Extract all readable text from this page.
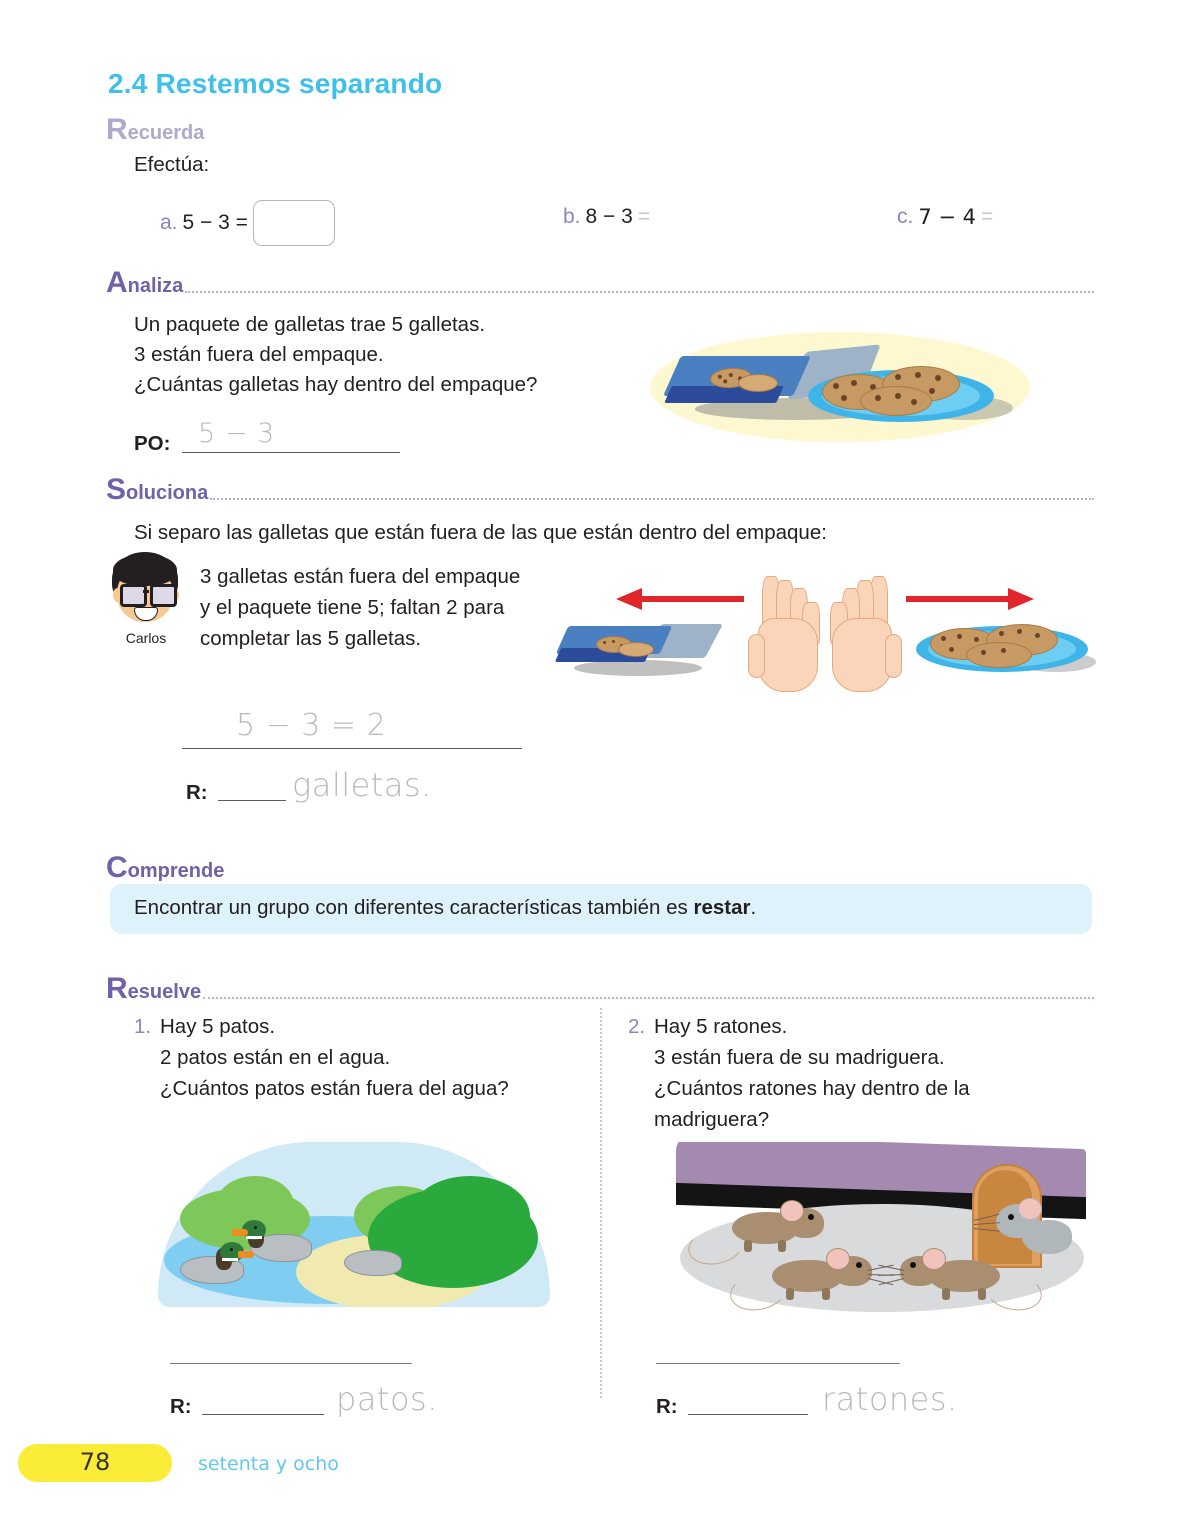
2.4 Restemos separando
R ecuerda
Efectúa:
a. 5 − 3 =	b. 8 − 3 =	c. 7 − 4 =
A naliza
Un paquete de galletas trae 5 galletas.
3 están fuera del empaque.
¿Cuántas galletas hay dentro del empaque?
PO: 5 − 3
S oluciona
Si separo las galletas que están fuera de las que están dentro del empaque:
Carlos
3 galletas están fuera del empaque
y el paquete tiene 5; faltan 2 para
completar las 5 galletas.
5 − 3 = 2
R:	galletas.
C omprende
Encontrar un grupo con diferentes características también es restar.
R esuelve
1. Hay 5 patos.
2 patos están en el agua.
¿Cuántos patos están fuera del agua?
R:	patos.
2. Hay 5 ratones.
3 están fuera de su madriguera.
¿Cuántos ratones hay dentro de la
madriguera?
R:	ratones.
78	setenta y ocho
